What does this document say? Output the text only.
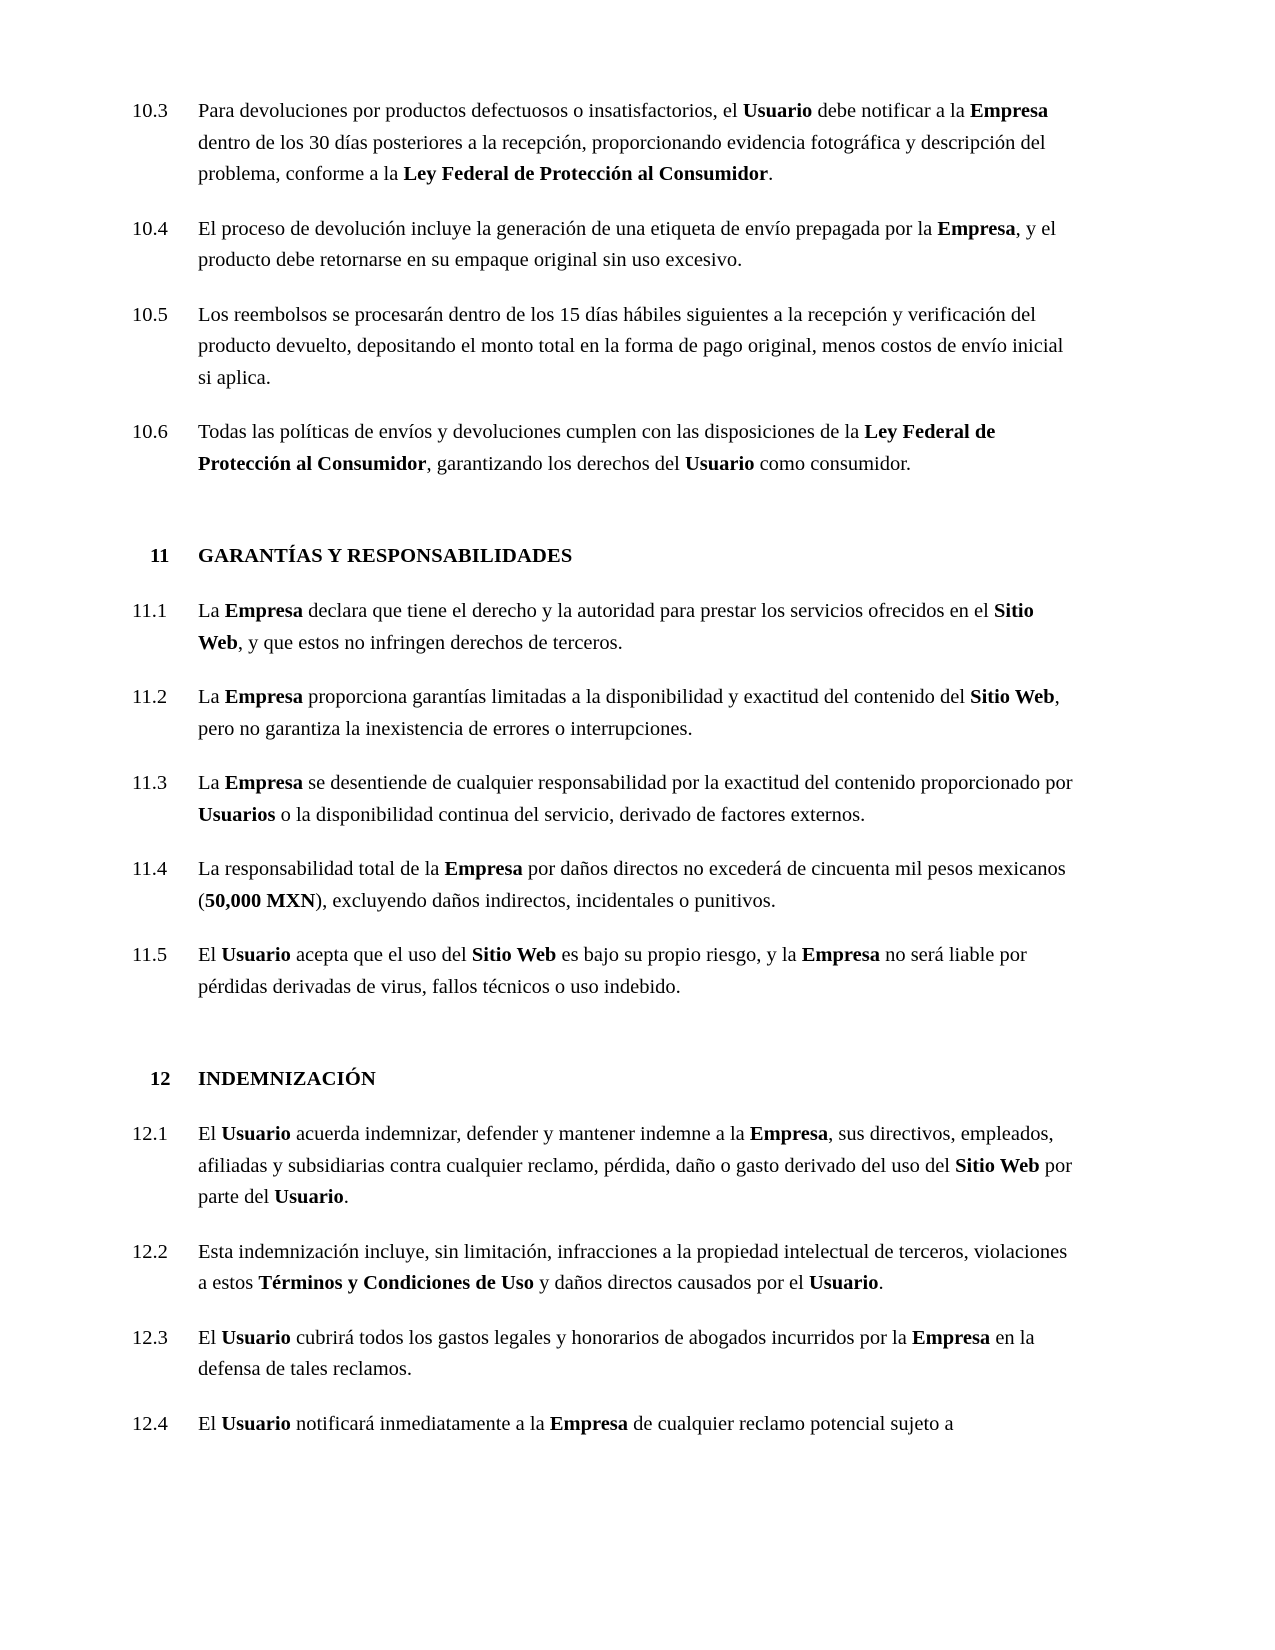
10.3	Para devoluciones por productos defectuosos o insatisfactorios, el Usuario debe notificar a la Empresa dentro de los 30 días posteriores a la recepción, proporcionando evidencia fotográfica y descripción del problema, conforme a la Ley Federal de Protección al Consumidor.
10.4	El proceso de devolución incluye la generación de una etiqueta de envío prepagada por la Empresa, y el producto debe retornarse en su empaque original sin uso excesivo.
10.5	Los reembolsos se procesarán dentro de los 15 días hábiles siguientes a la recepción y verificación del producto devuelto, depositando el monto total en la forma de pago original, menos costos de envío inicial si aplica.
10.6	Todas las políticas de envíos y devoluciones cumplen con las disposiciones de la Ley Federal de Protección al Consumidor, garantizando los derechos del Usuario como consumidor.
11	GARANTÍAS Y RESPONSABILIDADES
11.1	La Empresa declara que tiene el derecho y la autoridad para prestar los servicios ofrecidos en el Sitio Web, y que estos no infringen derechos de terceros.
11.2	La Empresa proporciona garantías limitadas a la disponibilidad y exactitud del contenido del Sitio Web, pero no garantiza la inexistencia de errores o interrupciones.
11.3	La Empresa se desentiende de cualquier responsabilidad por la exactitud del contenido proporcionado por Usuarios o la disponibilidad continua del servicio, derivado de factores externos.
11.4	La responsabilidad total de la Empresa por daños directos no excederá de cincuenta mil pesos mexicanos (50,000 MXN), excluyendo daños indirectos, incidentales o punitivos.
11.5	El Usuario acepta que el uso del Sitio Web es bajo su propio riesgo, y la Empresa no será liable por pérdidas derivadas de virus, fallos técnicos o uso indebido.
12	INDEMNIZACIÓN
12.1	El Usuario acuerda indemnizar, defender y mantener indemne a la Empresa, sus directivos, empleados, afiliadas y subsidiarias contra cualquier reclamo, pérdida, daño o gasto derivado del uso del Sitio Web por parte del Usuario.
12.2	Esta indemnización incluye, sin limitación, infracciones a la propiedad intelectual de terceros, violaciones a estos Términos y Condiciones de Uso y daños directos causados por el Usuario.
12.3	El Usuario cubrirá todos los gastos legales y honorarios de abogados incurridos por la Empresa en la defensa de tales reclamos.
12.4	El Usuario notificará inmediatamente a la Empresa de cualquier reclamo potencial sujeto a
